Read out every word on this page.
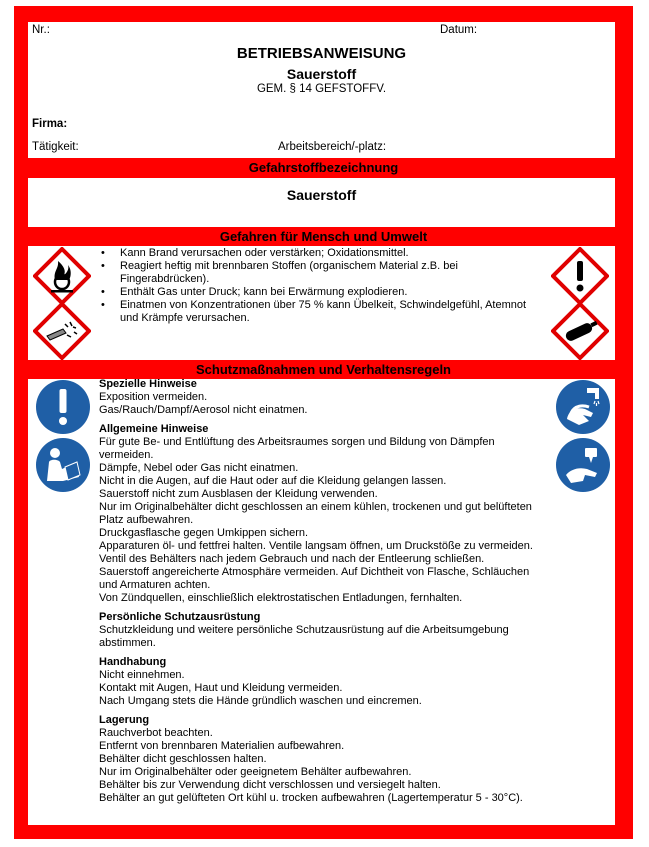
Nr.:	Datum:
BETRIEBSANWEISUNG
Sauerstoff
GEM. § 14 GEFSTOFFV.
Firma:
Tätigkeit:	Arbeitsbereich/-platz:
Gefahrstoffbezeichnung
Sauerstoff
Gefahren für Mensch und Umwelt
• Kann Brand verursachen oder verstärken; Oxidationsmittel.
• Reagiert heftig mit brennbaren Stoffen (organischem Material z.B. bei Fingerabdrücken).
• Enthält Gas unter Druck; kann bei Erwärmung explodieren.
• Einatmen von Konzentrationen über 75 % kann Übelkeit, Schwindelgefühl, Atemnot und Krämpfe verursachen.
Schutzmaßnahmen und Verhaltensregeln
Spezielle Hinweise
Exposition vermeiden.
Gas/Rauch/Dampf/Aerosol nicht einatmen.
Allgemeine Hinweise
Für gute Be- und Entlüftung des Arbeitsraumes sorgen und Bildung von Dämpfen vermeiden.
Dämpfe, Nebel oder Gas nicht einatmen.
Nicht in die Augen, auf die Haut oder auf die Kleidung gelangen lassen.
Sauerstoff nicht zum Ausblasen der Kleidung verwenden.
Nur im Originalbehälter dicht geschlossen an einem kühlen, trockenen und gut belüfteten Platz aufbewahren.
Druckgasflasche gegen Umkippen sichern.
Apparaturen öl- und fettfrei halten. Ventile langsam öffnen, um Druckstöße zu vermeiden.
Ventil des Behälters nach jedem Gebrauch und nach der Entleerung schließen.
Sauerstoff angereicherte Atmosphäre vermeiden. Auf Dichtheit von Flasche, Schläuchen und Armaturen achten.
Von Zündquellen, einschließlich elektrostatischen Entladungen, fernhalten.
Persönliche Schutzausrüstung
Schutzkleidung und weitere persönliche Schutzausrüstung auf die Arbeitsumgebung abstimmen.
Handhabung
Nicht einnehmen.
Kontakt mit Augen, Haut und Kleidung vermeiden.
Nach Umgang stets die Hände gründlich waschen und eincremen.
Lagerung
Rauchverbot beachten.
Entfernt von brennbaren Materialien aufbewahren.
Behälter dicht geschlossen halten.
Nur im Originalbehälter oder geeignetem Behälter aufbewahren.
Behälter bis zur Verwendung dicht verschlossen und versiegelt halten.
Behälter an gut gelüfteten Ort kühl u. trocken aufbewahren (Lagertemperatur 5 - 30°C).
